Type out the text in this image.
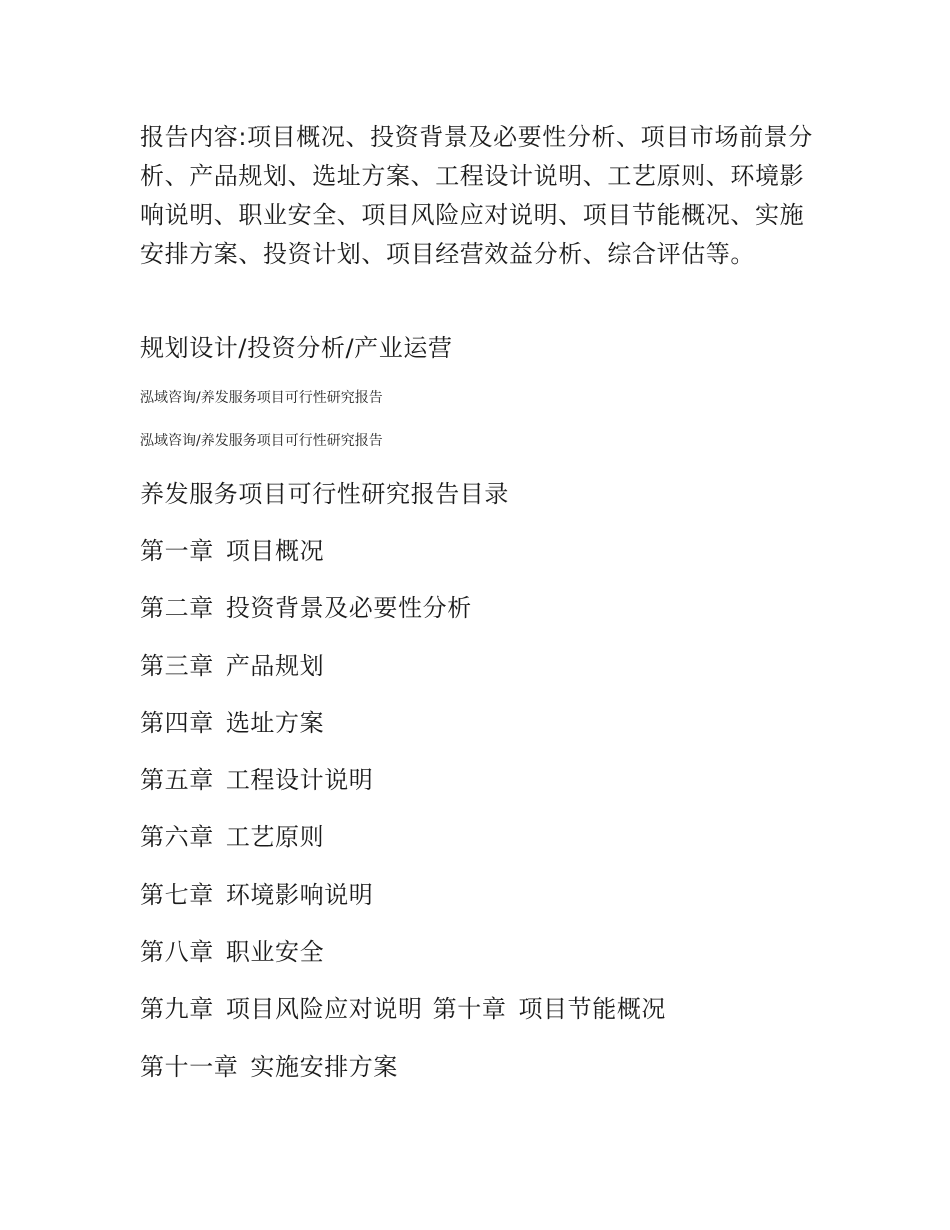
报告内容:项目概况、投资背景及必要性分析、项目市场前景分析、产品规划、选址方案、工程设计说明、工艺原则、环境影响说明、职业安全、项目风险应对说明、项目节能概况、实施安排方案、投资计划、项目经营效益分析、综合评估等。
规划设计/投资分析/产业运营
泓域咨询/养发服务项目可行性研究报告
泓域咨询/养发服务项目可行性研究报告
养发服务项目可行性研究报告目录
第一章 项目概况
第二章 投资背景及必要性分析
第三章 产品规划
第四章 选址方案
第五章 工程设计说明
第六章 工艺原则
第七章 环境影响说明
第八章 职业安全
第九章 项目风险应对说明 第十章 项目节能概况
第十一章 实施安排方案
